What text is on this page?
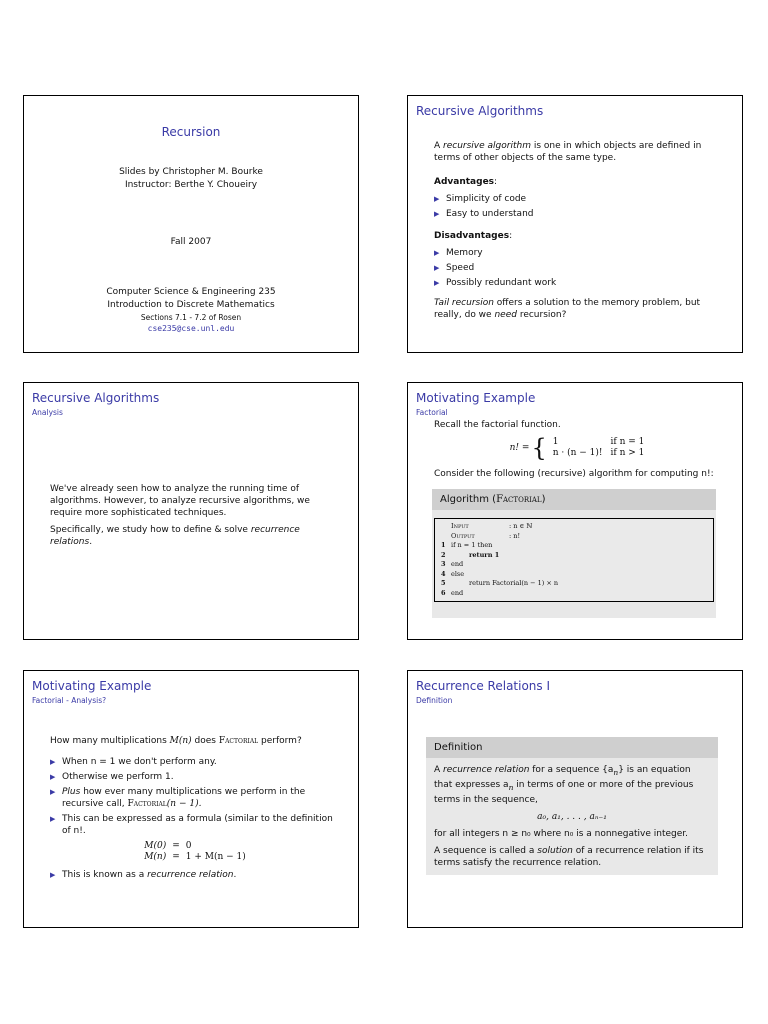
Recursion
Slides by Christopher M. Bourke
Instructor: Berthe Y. Choueiry
Fall 2007
Computer Science & Engineering 235
Introduction to Discrete Mathematics
Sections 7.1 - 7.2 of Rosen
cse235@cse.unl.edu
Recursive Algorithms

A recursive algorithm is one in which objects are defined in terms of other objects of the same type.

Advantages:

▶ Simplicity of code
▶ Easy to understand

Disadvantages:

▶ Memory
▶ Speed
▶ Possibly redundant work

Tail recursion offers a solution to the memory problem, but really, do we need recursion?

Recursive Algorithms
Analysis

We've already seen how to analyze the running time of algorithms. However, to analyze recursive algorithms, we require more sophisticated techniques.

Specifically, we study how to define & solve recurrence relations.

Motivating Example
Factorial

Recall the factorial function.

n! = { 1	if n = 1
n · (n − 1)!	if n > 1

Consider the following (recursive) algorithm for computing n!:

Algorithm (Factorial)
Input	: n ∈ ℕ
Output	: n!
1 if n = 1 then
2	return 1
3 end
4 else
5	return Factorial(n − 1) × n
6 end
Motivating Example
Factorial - Analysis?

How many multiplications M(n) does Factorial perform?

▶ When n = 1 we don't perform any.
▶ Otherwise we perform 1.
▶ Plus how ever many multiplications we perform in the recursive call, Factorial(n − 1).
▶ This can be expressed as a formula (similar to the definition of n!.
M(0)	=	0
M(n)	=	1 + M(n − 1)
▶ This is known as a recurrence relation.
Recurrence Relations I
Definition
Definition

A recurrence relation for a sequence $\{a_n\}$ is an equation that expresses $a_n$ in terms of one or more of the previous terms in the sequence,

a₀, a₁, . . . , aₙ₋₁

for all integers n ≥ n₀ where n₀ is a nonnegative integer.

A sequence is called a solution of a recurrence relation if its terms satisfy the recurrence relation.
